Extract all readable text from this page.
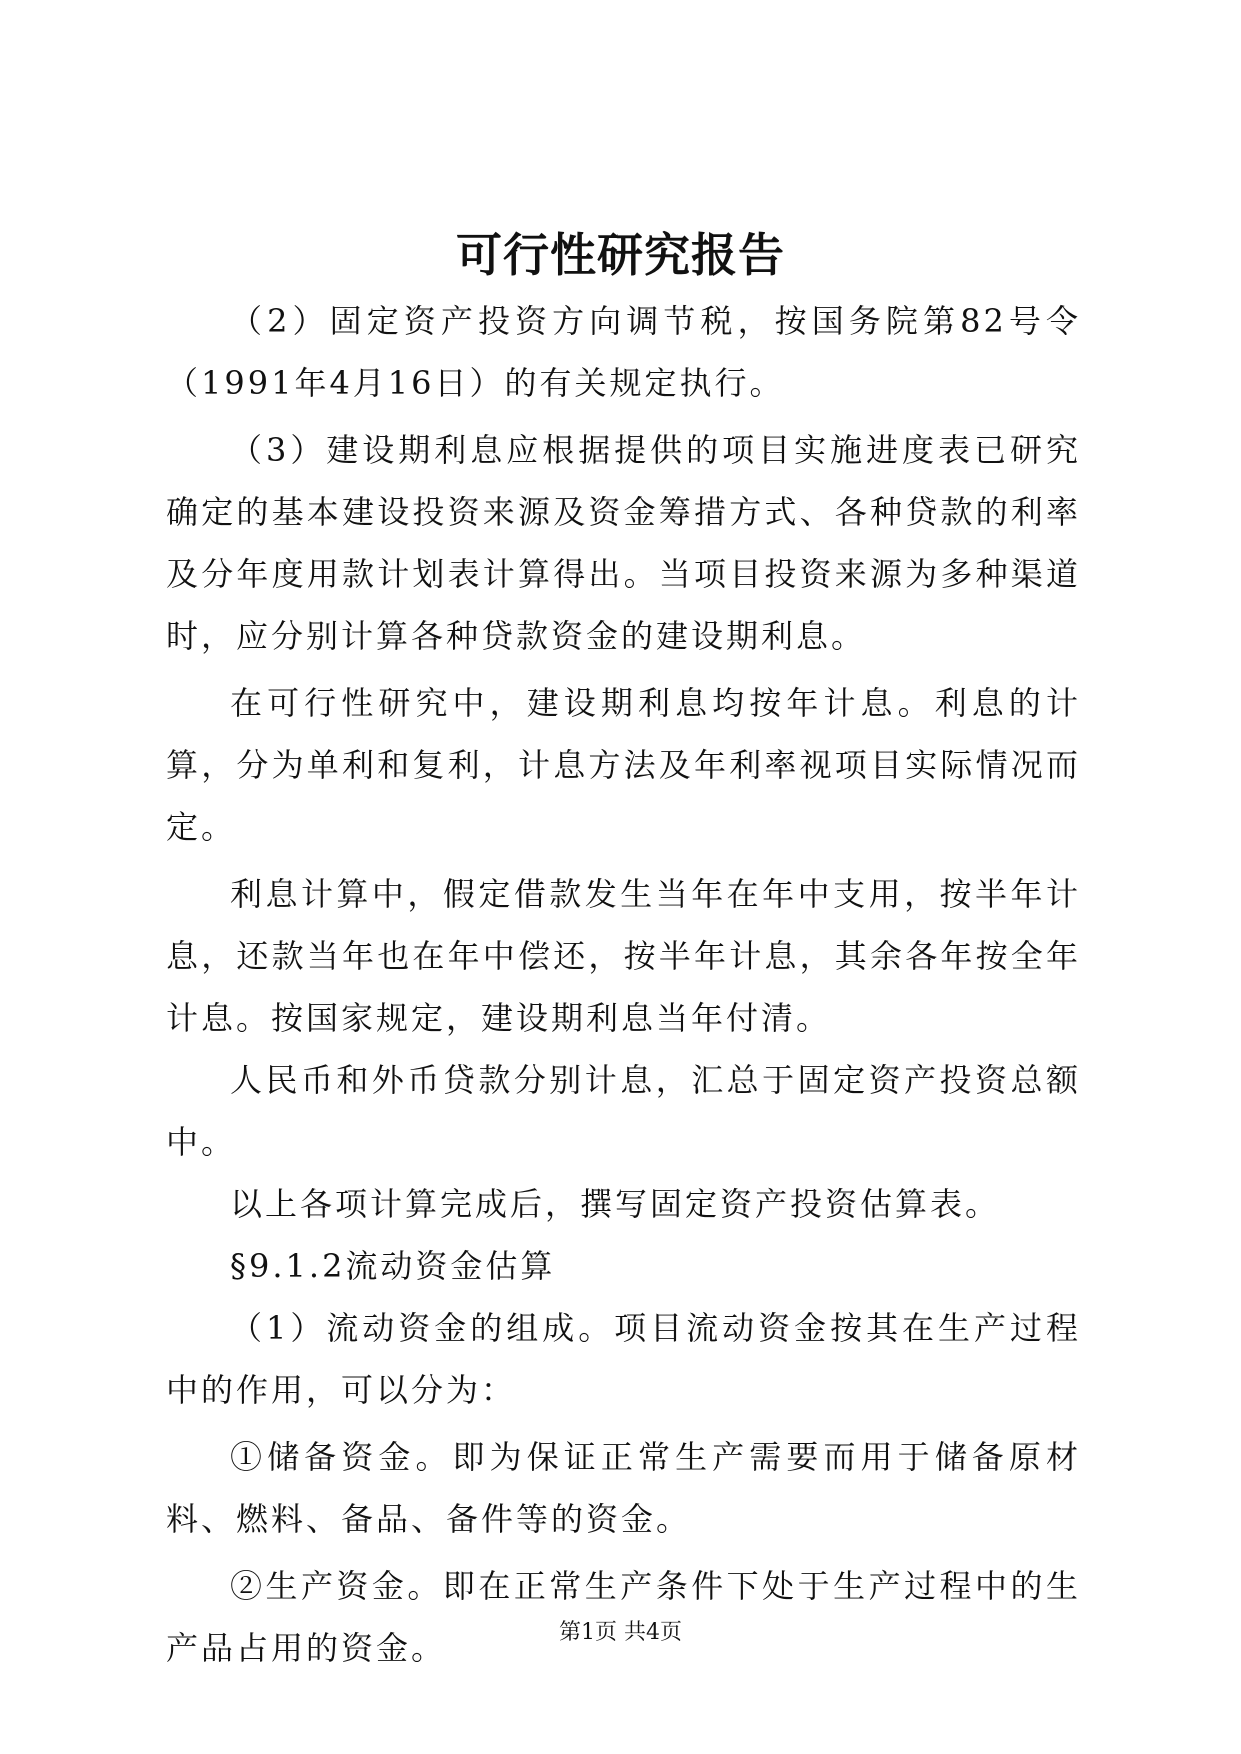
可行性研究报告

（2）固定资产投资方向调节税，按国务院第82号令（1991年4月16日）的有关规定执行。

（3）建设期利息应根据提供的项目实施进度表已研究确定的基本建设投资来源及资金筹措方式、各种贷款的利率及分年度用款计划表计算得出。当项目投资来源为多种渠道时，应分别计算各种贷款资金的建设期利息。

在可行性研究中，建设期利息均按年计息。利息的计算，分为单利和复利，计息方法及年利率视项目实际情况而定。

利息计算中，假定借款发生当年在年中支用，按半年计息，还款当年也在年中偿还，按半年计息，其余各年按全年计息。按国家规定，建设期利息当年付清。

人民币和外币贷款分别计息，汇总于固定资产投资总额中。

以上各项计算完成后，撰写固定资产投资估算表。

§9.1.2流动资金估算

（1）流动资金的组成。项目流动资金按其在生产过程中的作用，可以分为：

①储备资金。即为保证正常生产需要而用于储备原材料、燃料、备品、备件等的资金。

②生产资金。即在正常生产条件下处于生产过程中的生产品占用的资金。	第1页 共4页
